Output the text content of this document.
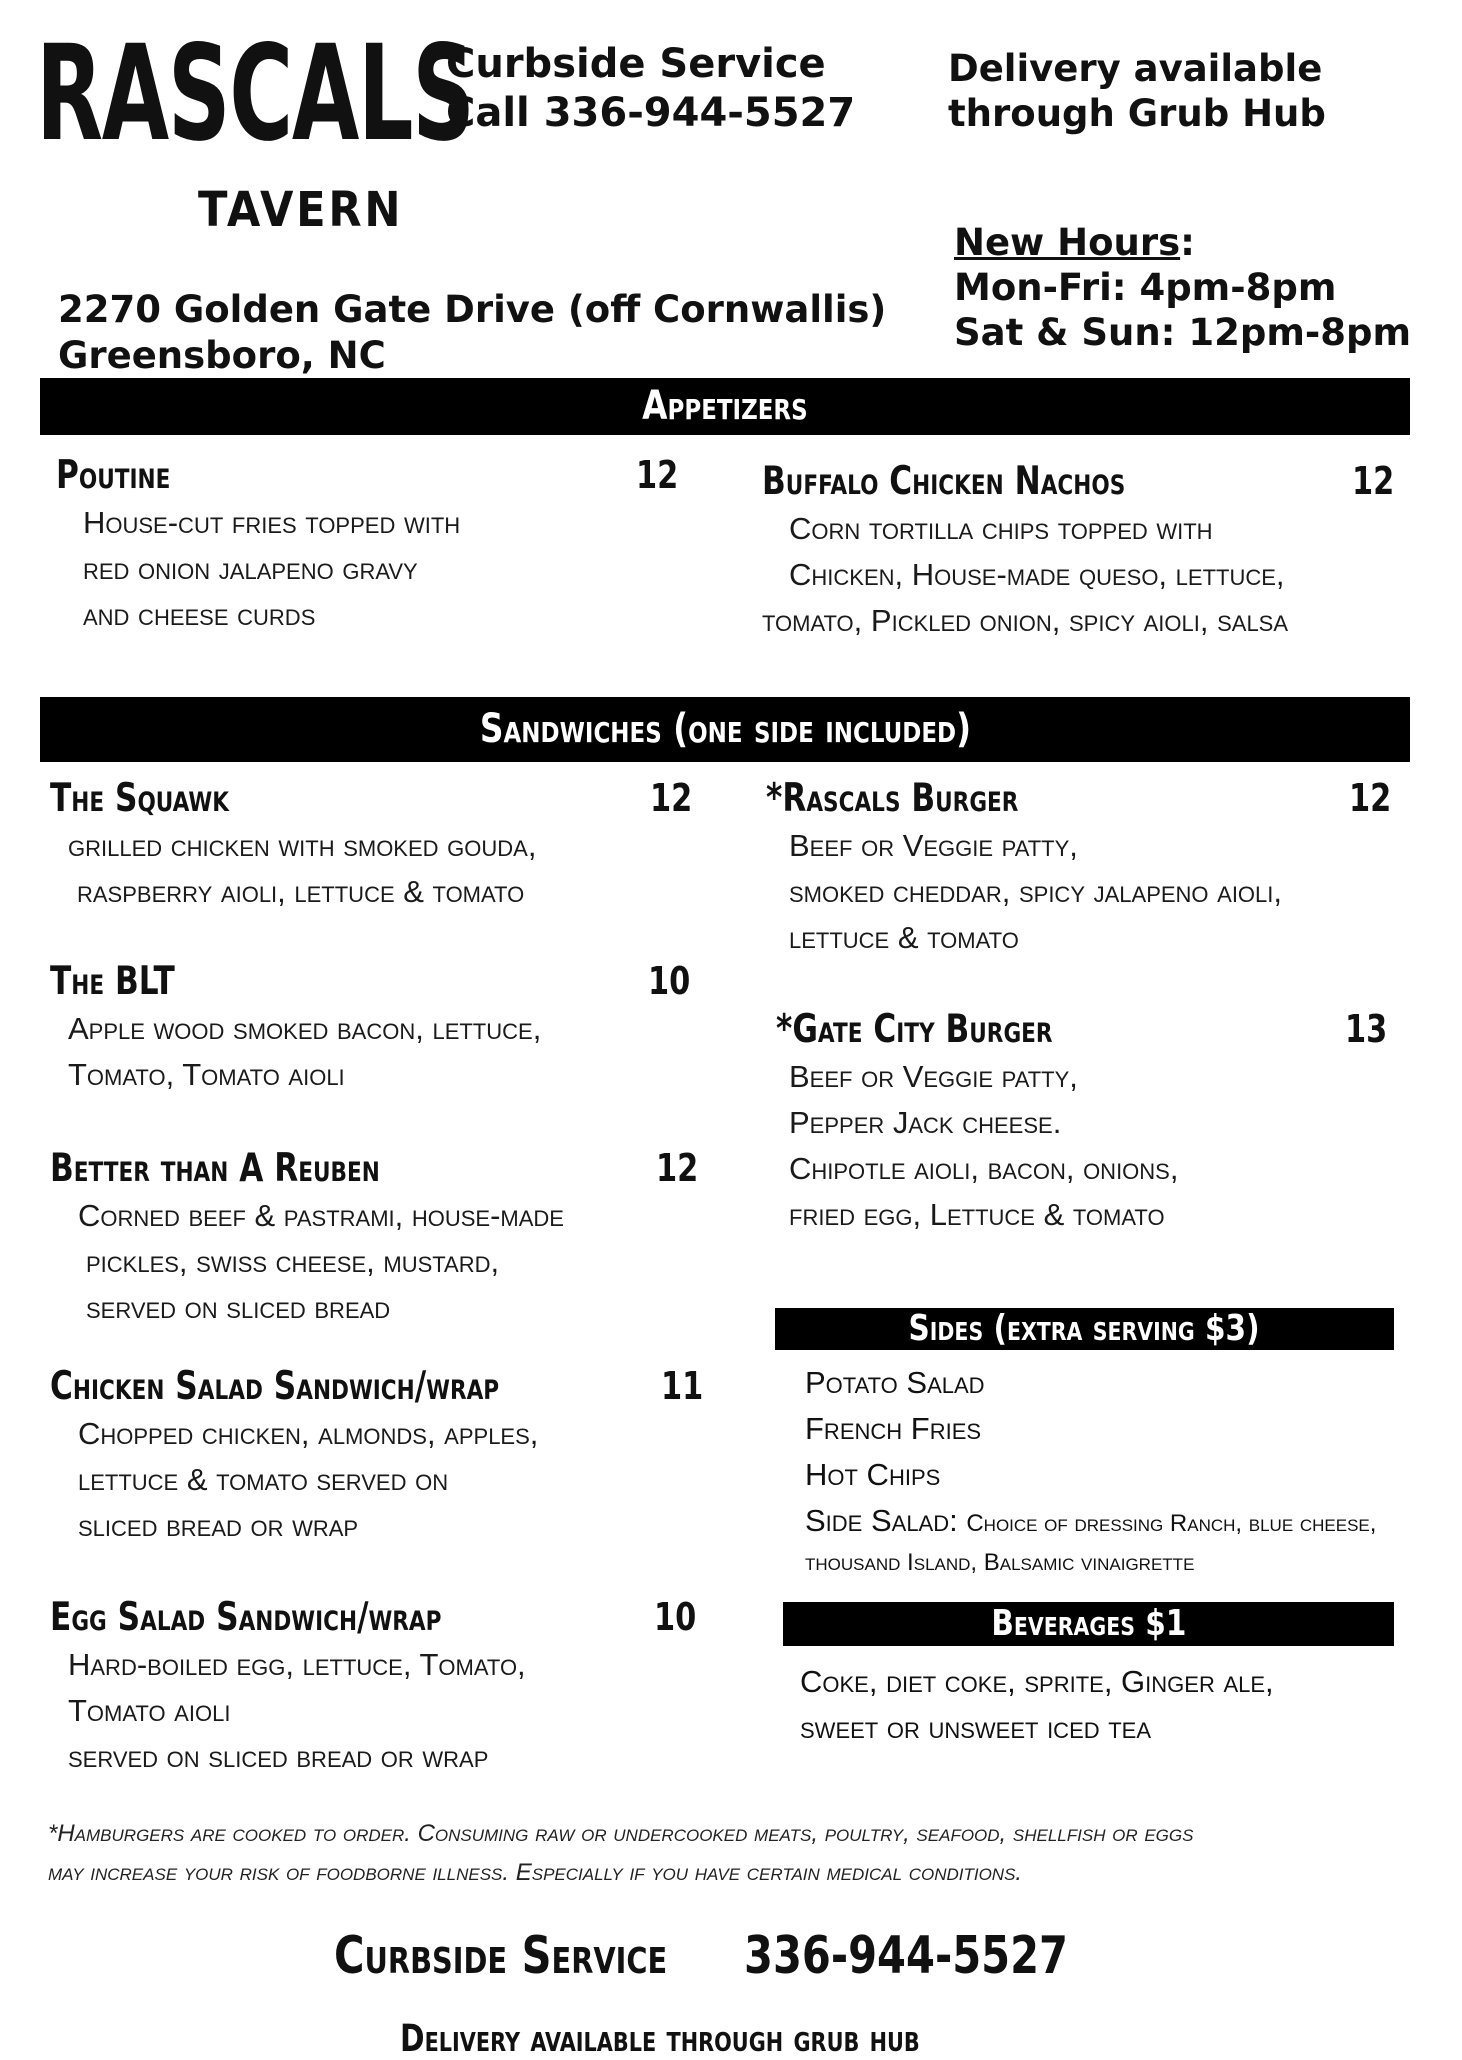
RASCALS
TAVERN
Curbside Service
Call 336-944-5527
Delivery available
through Grub Hub
New Hours:
Mon-Fri: 4pm-8pm
Sat & Sun: 12pm-8pm
2270 Golden Gate Drive (off Cornwallis)
Greensboro, NC
Appetizers
Poutine	12
House-cut fries topped with
red onion jalapeno gravy
and cheese curds
Buffalo Chicken Nachos	12
Corn tortilla chips topped with
Chicken, House-made queso, lettuce,
tomato, Pickled onion, spicy aioli, salsa
Sandwiches (one side included)
The Squawk	12
grilled chicken with smoked gouda,
raspberry aioli, lettuce & tomato
The BLT	10
Apple wood smoked bacon, lettuce,
Tomato, Tomato aioli
Better than A Reuben	12
Corned beef & pastrami, house-made
pickles, swiss cheese, mustard,
served on sliced bread
Chicken Salad Sandwich/wrap	11
Chopped chicken, almonds, apples,
lettuce & tomato served on
sliced bread or wrap
Egg Salad Sandwich/wrap	10
Hard-boiled egg, lettuce, Tomato,
Tomato aioli
served on sliced bread or wrap
*Rascals Burger	12
Beef or Veggie patty,
smoked cheddar, spicy jalapeno aioli,
lettuce & tomato
*Gate City Burger	13
Beef or Veggie patty,
Pepper Jack cheese.
Chipotle aioli, bacon, onions,
fried egg, Lettuce & tomato
Sides (extra serving $3)
Potato Salad
French Fries
Hot Chips
Side Salad: Choice of dressing Ranch, blue cheese,
thousand Island, Balsamic vinaigrette
Beverages $1
Coke, diet coke, sprite, Ginger ale,
sweet or unsweet iced tea
*Hamburgers are cooked to order. Consuming raw or undercooked meats, poultry, seafood, shellfish or eggs
may increase your risk of foodborne illness. Especially if you have certain medical conditions.
Curbside Service 336-944-5527
Delivery available through grub hub
